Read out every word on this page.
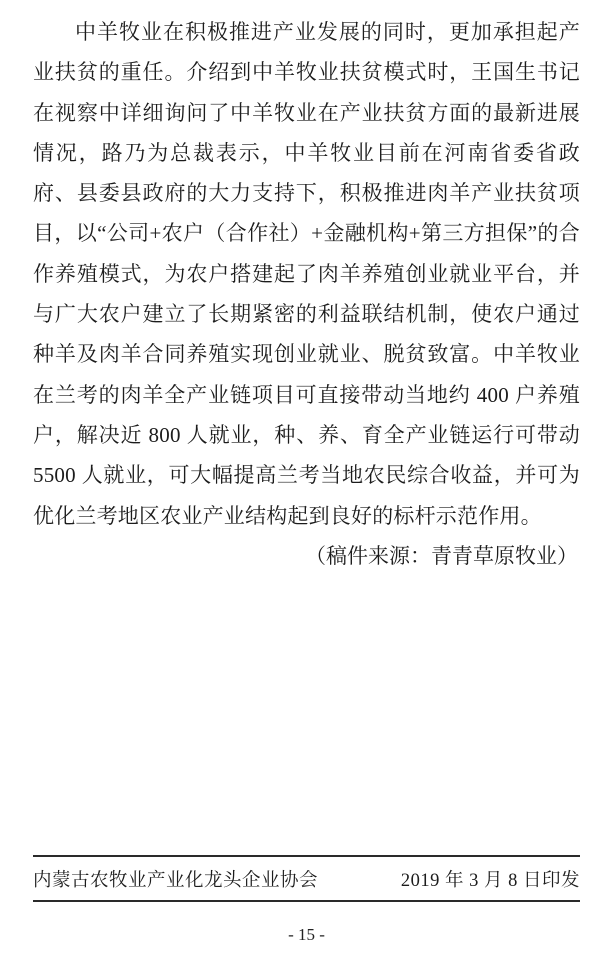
中羊牧业在积极推进产业发展的同时，更加承担起产业扶贫的重任。介绍到中羊牧业扶贫模式时，王国生书记在视察中详细询问了中羊牧业在产业扶贫方面的最新进展情况，路乃为总裁表示，中羊牧业目前在河南省委省政府、县委县政府的大力支持下，积极推进肉羊产业扶贫项目，以“公司+农户（合作社）+金融机构+第三方担保”的合作养殖模式，为农户搭建起了肉羊养殖创业就业平台，并与广大农户建立了长期紧密的利益联结机制，使农户通过种羊及肉羊合同养殖实现创业就业、脱贫致富。中羊牧业在兰考的肉羊全产业链项目可直接带动当地约 400 户养殖户，解决近 800 人就业，种、养、育全产业链运行可带动 5500 人就业，可大幅提高兰考当地农民综合收益，并可为优化兰考地区农业产业结构起到良好的标杆示范作用。

（稿件来源：青青草原牧业）

内蒙古农牧业产业化龙头企业协会	2019 年 3 月 8 日印发
- 15 -
